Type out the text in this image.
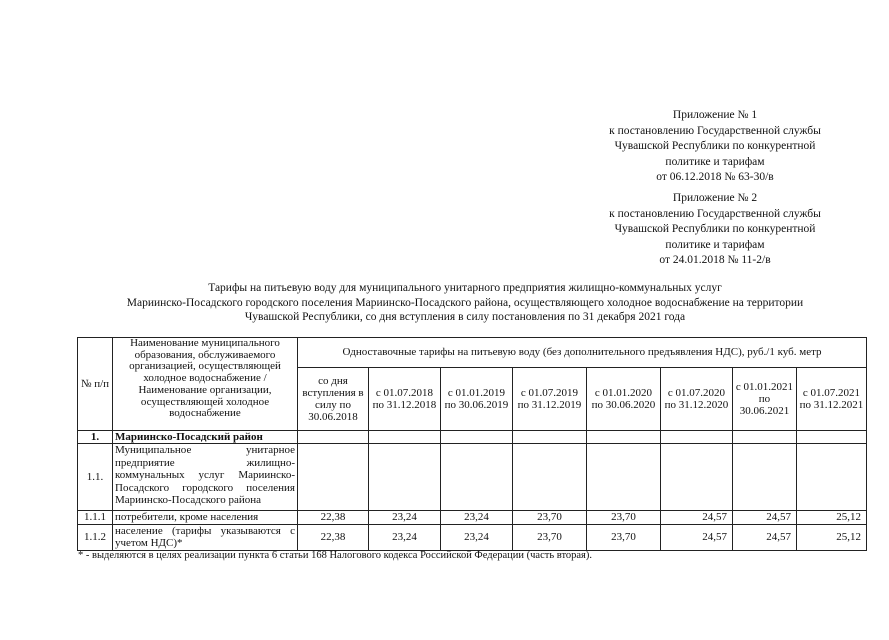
Приложение № 1
к постановлению Государственной службы
Чувашской Республики по конкурентной
политике и тарифам
от 06.12.2018 № 63-30/в
Приложение № 2
к постановлению Государственной службы
Чувашской Республики по конкурентной
политике и тарифам
от 24.01.2018 № 11-2/в
Тарифы на питьевую воду для муниципального унитарного предприятия жилищно-коммунальных услуг
Мариинско-Посадского городского поселения Мариинско-Посадского района, осуществляющего холодное водоснабжение на территории
Чувашской Республики, со дня вступления в силу постановления по 31 декабря 2021 года
№ п/п	Наименование муниципального образования, обслуживаемого организацией, осуществляющей холодное водоснабжение / Наименование организации, осуществляющей холодное водоснабжение	Одноставочные тарифы на питьевую воду (без дополнительного предъявления НДС), руб./1 куб. метр							
		со дня вступления в силу по 30.06.2018	с 01.07.2018 по 31.12.2018	с 01.01.2019 по 30.06.2019	с 01.07.2019 по 31.12.2019	с 01.01.2020 по 30.06.2020	с 01.07.2020 по 31.12.2020	с 01.01.2021 по 30.06.2021	с 01.07.2021 по 31.12.2021
1.	Мариинско-Посадский район								
1.1.	Муниципальное унитарное предприятие жилищно-коммунальных услуг Мариинско-Посадского городского поселения Мариинско-Посадского района								
1.1.1	потребители, кроме населения	22,38	23,24	23,24	23,70	23,70	24,57	24,57	25,12
1.1.2	население (тарифы указываются с учетом НДС)*	22,38	23,24	23,24	23,70	23,70	24,57	24,57	25,12
* - выделяются в целях реализации пункта 6 статьи 168 Налогового кодекса Российской Федерации (часть вторая).
